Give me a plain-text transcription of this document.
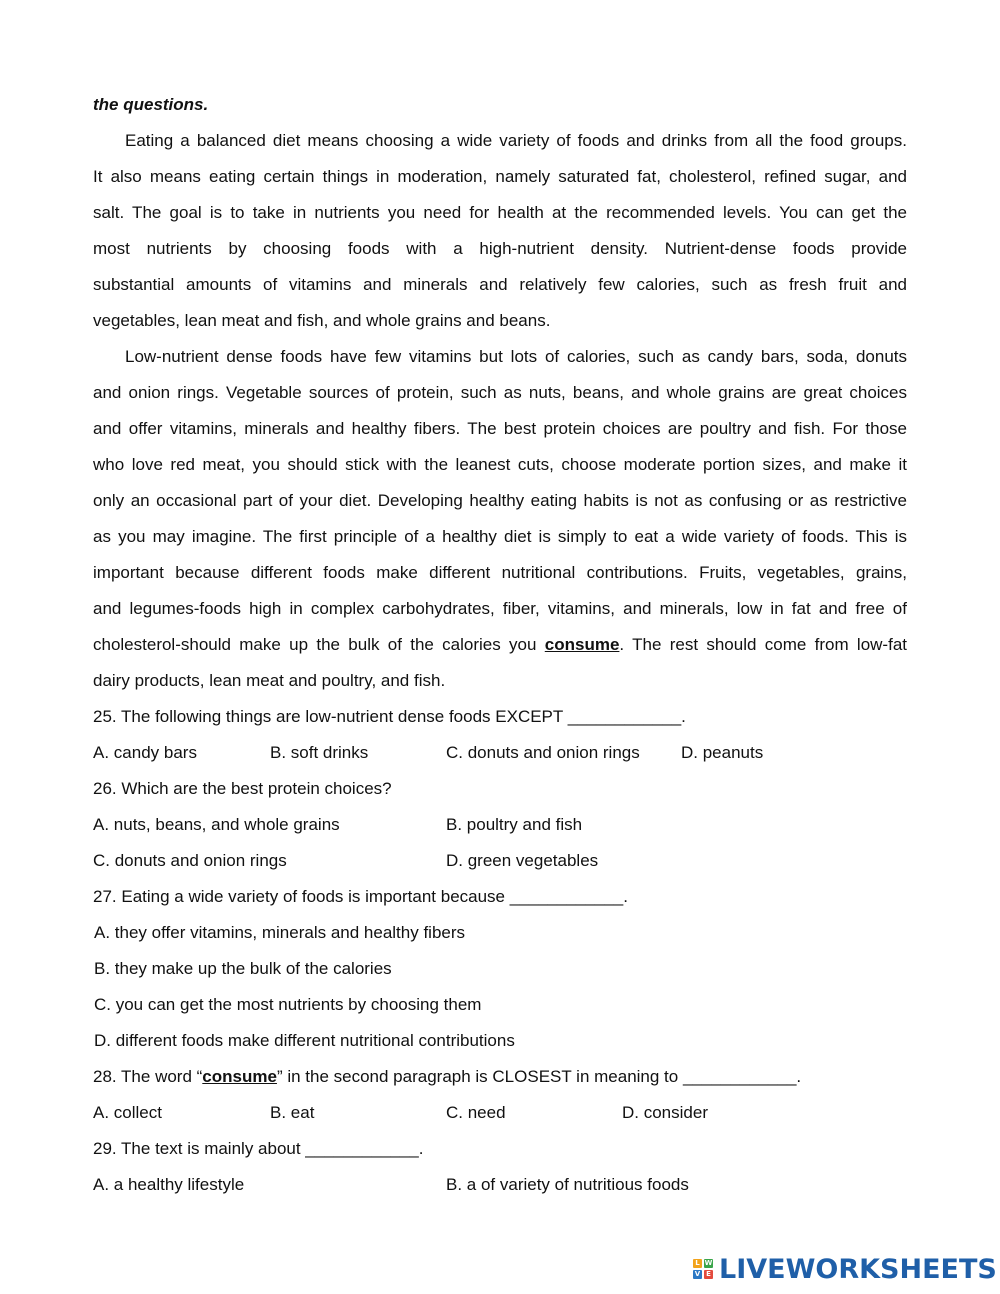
the questions.
Eating a balanced diet means choosing a wide variety of foods and drinks from all the food groups.
It also means eating certain things in moderation, namely saturated fat, cholesterol, refined sugar, and
salt. The goal is to take in nutrients you need for health at the recommended levels. You can get the
most nutrients by choosing foods with a high-nutrient density. Nutrient-dense foods provide
substantial amounts of vitamins and minerals and relatively few calories, such as fresh fruit and
vegetables, lean meat and fish, and whole grains and beans.
Low-nutrient dense foods have few vitamins but lots of calories, such as candy bars, soda, donuts
and onion rings. Vegetable sources of protein, such as nuts, beans, and whole grains are great choices
and offer vitamins, minerals and healthy fibers. The best protein choices are poultry and fish. For those
who love red meat, you should stick with the leanest cuts, choose moderate portion sizes, and make it
only an occasional part of your diet. Developing healthy eating habits is not as confusing or as restrictive
as you may imagine. The first principle of a healthy diet is simply to eat a wide variety of foods. This is
important because different foods make different nutritional contributions. Fruits, vegetables, grains,
and legumes-foods high in complex carbohydrates, fiber, vitamins, and minerals, low in fat and free of
cholesterol-should make up the bulk of the calories you consume. The rest should come from low-fat
dairy products, lean meat and poultry, and fish.
25. The following things are low-nutrient dense foods EXCEPT ____________.
A. candy bars	B. soft drinks	C. donuts and onion rings D. peanuts
26. Which are the best protein choices?
A. nuts, beans, and whole grains	B. poultry and fish
C. donuts and onion rings	D. green vegetables
27. Eating a wide variety of foods is important because ____________.
A. they offer vitamins, minerals and healthy fibers
B. they make up the bulk of the calories
C. you can get the most nutrients by choosing them
D. different foods make different nutritional contributions
28. The word “consume” in the second paragraph is CLOSEST in meaning to ____________.
A. collect	B. eat	C. need	D. consider
29. The text is mainly about ____________.
A. a healthy lifestyle	B. a of variety of nutritious foods
L W
V E LIVEWORKSHEETS
